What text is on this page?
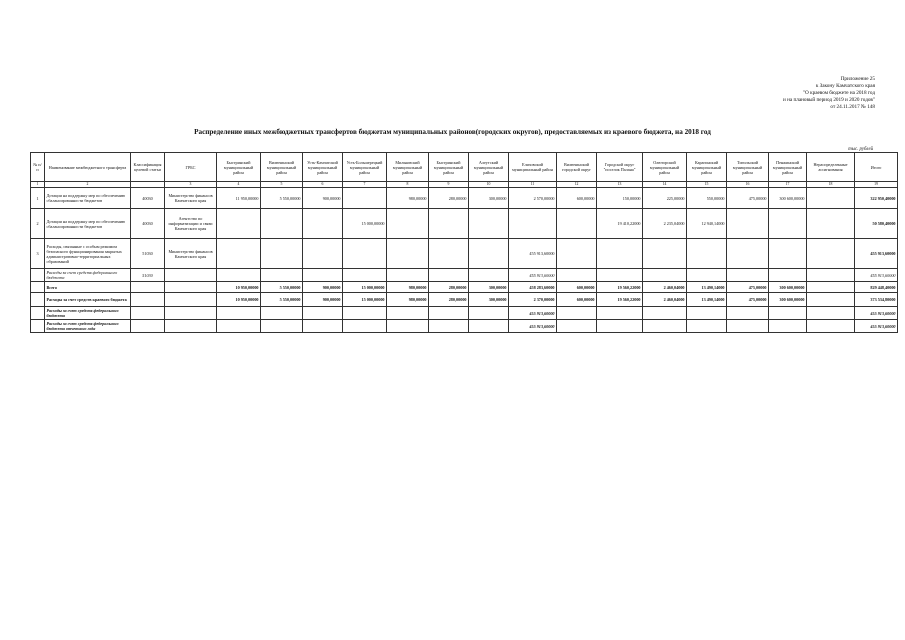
Приложение 25
к Закону Камчатского края
"О краевом бюджете на 2018 год
и на плановый период 2019 и 2020 годов"
от 24.11.2017 № 148
Распределение иных межбюджетных трансфертов бюджетам муниципальных районов(городских округов), предоставляемых из краевого бюджета, на 2018 год
тыс. рублей
№ п/п	Наименование межбюджетного трансферта	Классификация целевой статьи	ГРБС	Быстринский муниципальный район	Вилючинский муниципальный район	Усть-Камчатский муниципальный район	Усть-Большерецкий муниципальный район	Мильковский муниципальный район	Быстринский муниципальный район	Алеутский муниципальный район	Елизовский муниципальный район	Вилючинский городской округ	Городской округ "поселок Палана"	Олюторский муниципальный район	Карагинский муниципальный район	Тигильский муниципальный район	Пенжинский муниципальный район	Нераспределенные ассигнования	Итого
1	2		3	4	5	6	7	8	9	10	11	12	13	14	15	16	17	18	19
1	Дотации на поддержку мер по обеспечению сбалансированности бюджетов	40030	Министерство финансов Камчатского края	11 950,00000	5 550,00000	900,00000		980,00000	280,00000	300,00000	2 570,00000	600,00000	150,00000	225,00000	550,00000	475,00000	300 600,00000		322 950,40000
2	Дотации на поддержку мер по обеспечению сбалансированности бюджетов	40030	Агентство по информатизации и связи Камчатского края				15 000,00000						19 410,22000	2 235,04000	12 940,14000				50 580,40000
3	Расходы, связанные с особым режимом безопасного функционирования закрытых административно-территориальных образований	51030	Министерство финансов Камчатского края								455 913,60000								455 913,60000
	Расходы за счет средств федерального бюджета	51030									455 913,60000								455 913,60000
	Всего			10 950,00000	5 550,00000	900,00000	15 000,00000	980,00000	280,00000	300,00000	458 283,60000	600,00000	19 560,22000	2 460,04000	13 490,14000	475,00000	300 600,00000		829 448,40000
	Расходы за счет средств краевого бюджета			10 950,00000	5 550,00000	900,00000	15 000,00000	980,00000	280,00000	300,00000	2 370,00000	600,00000	19 560,22000	2 460,04000	13 490,14000	475,00000	300 600,00000		373 534,80000
	Расходы за счет средств федерального бюджета										455 913,60000								455 913,60000
	Расходы за счет средств федерального бюджета отчетного года										455 913,60000								455 913,60000
